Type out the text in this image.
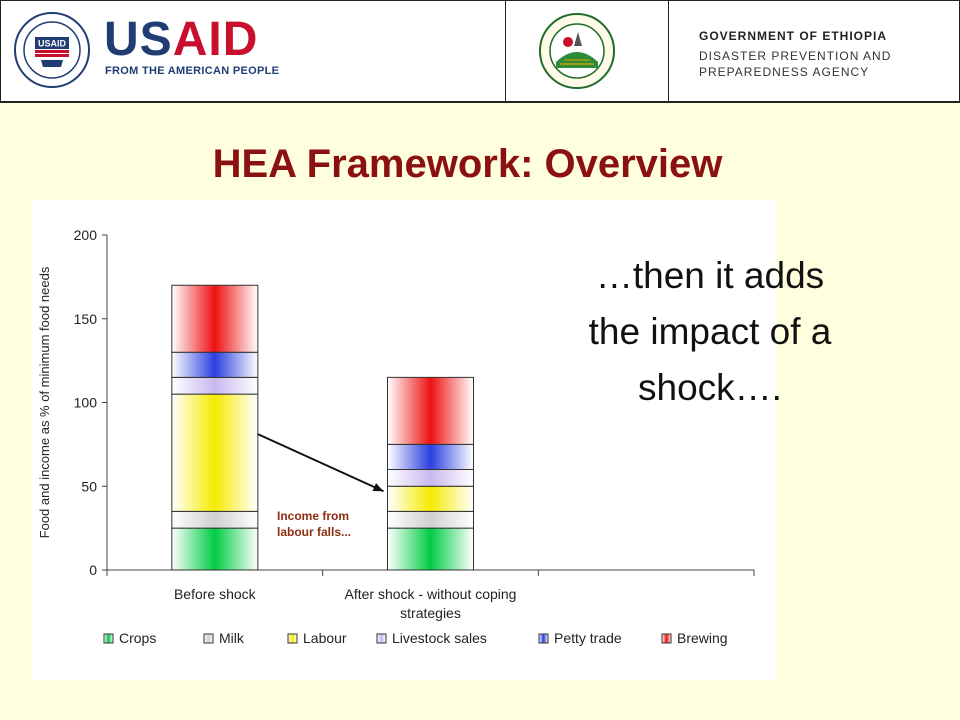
USAID USAID
FROM THE AMERICAN PEOPLE
GOVERNMENT OF ETHIOPIA
DISASTER PREVENTION AND
PREPAREDNESS AGENCY
HEA Framework: Overview
0
50
100
150
200
Food and income as % of minimum food needs
Before shock	After shock - without coping
strategies
Income from
labour falls...
Crops	Milk	Labour	Livestock sales	Petty trade	Brewing
…then it adds
the impact of a
shock….
